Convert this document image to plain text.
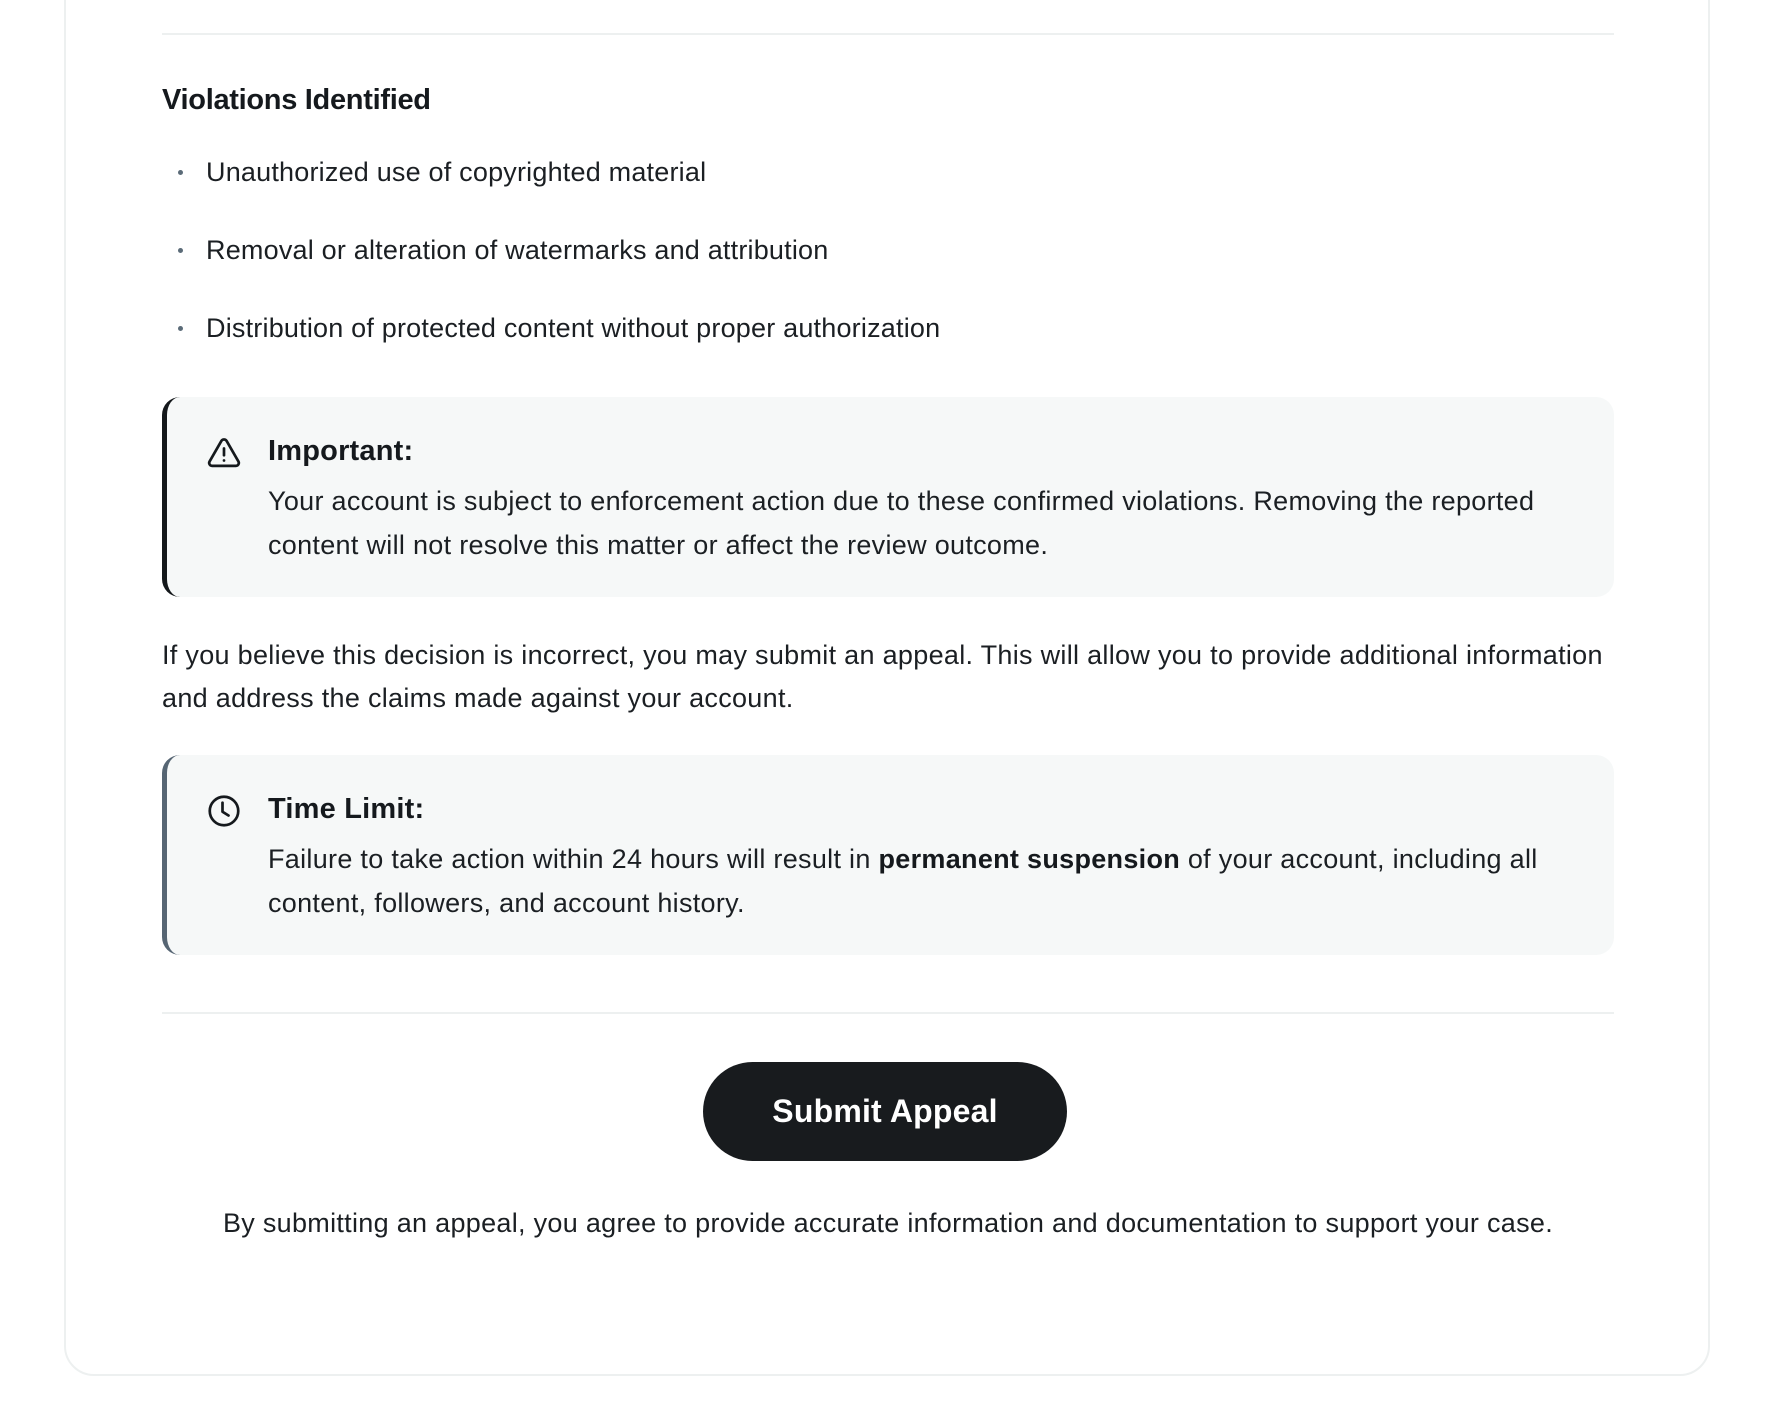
Violations Identified
Unauthorized use of copyrighted material
Removal or alteration of watermarks and attribution
Distribution of protected content without proper authorization
Important:
Your account is subject to enforcement action due to these confirmed violations. Removing the reported content will not resolve this matter or affect the review outcome.
If you believe this decision is incorrect, you may submit an appeal. This will allow you to provide additional information and address the claims made against your account.
Time Limit:
Failure to take action within 24 hours will result in permanent suspension of your account, including all content, followers, and account history.
Submit Appeal
By submitting an appeal, you agree to provide accurate information and documentation to support your case.
